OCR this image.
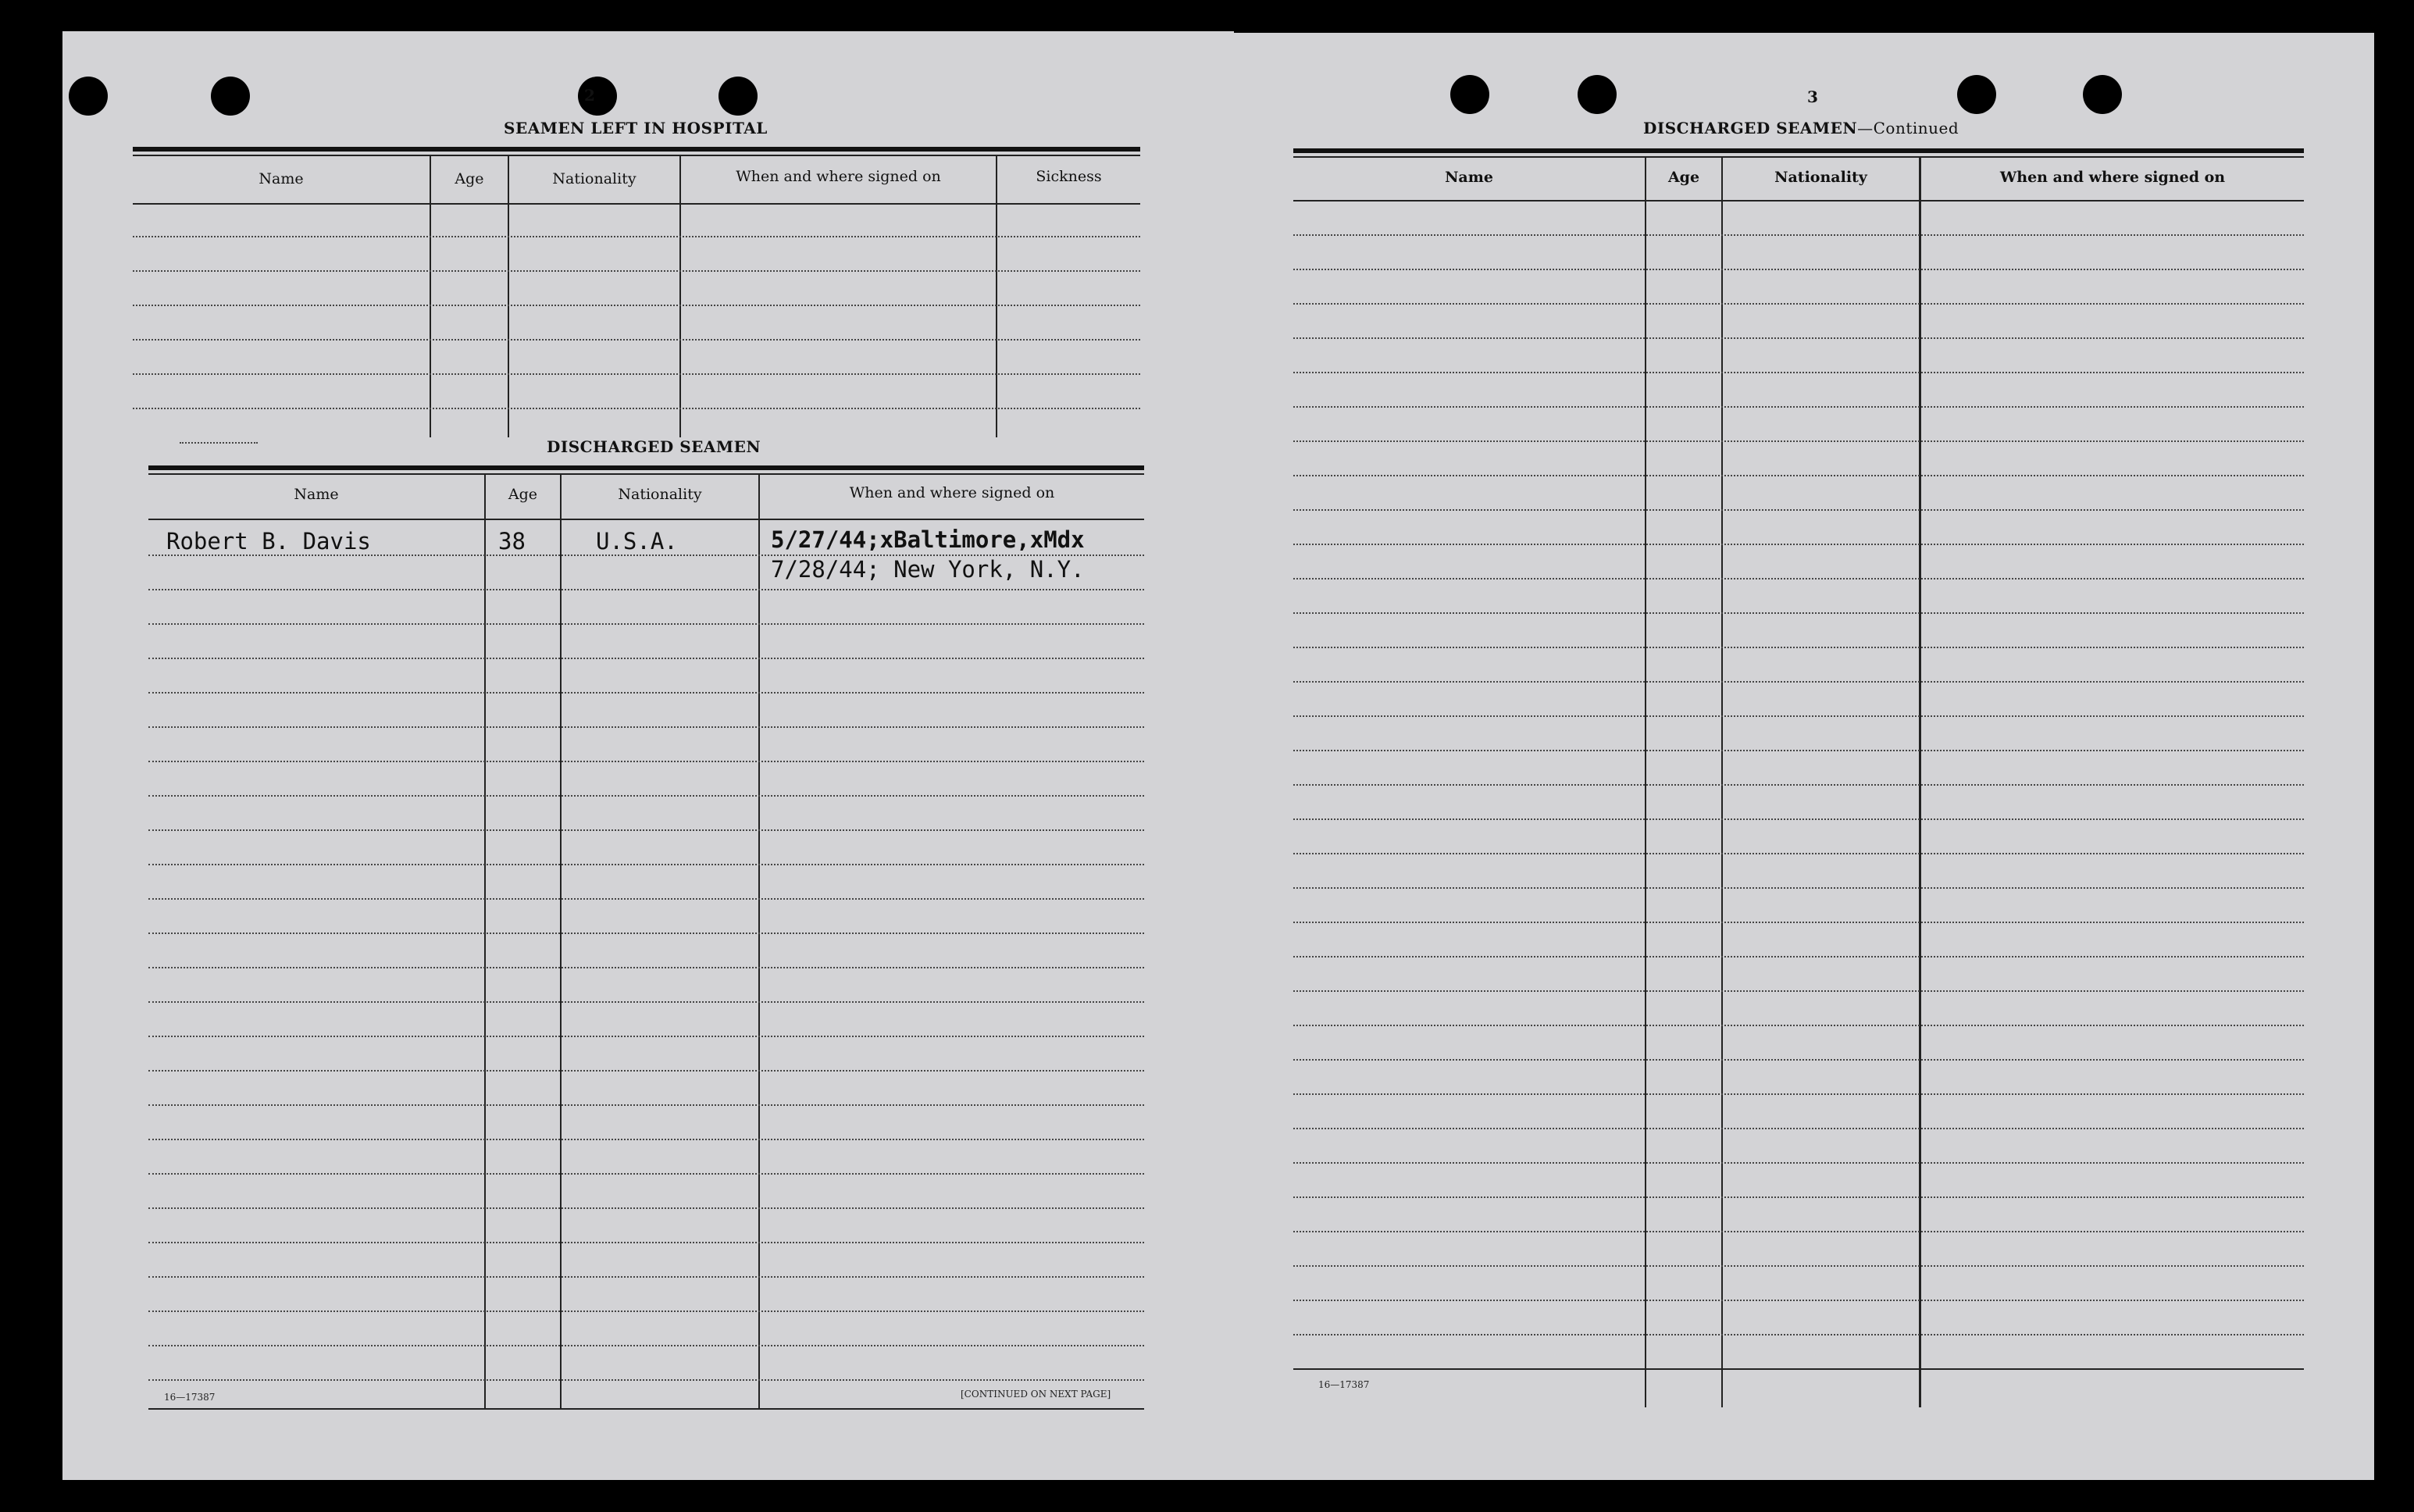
2
SEAMEN LEFT IN HOSPITAL
Name	Age	Nationality	When and where signed on	Sickness
DISCHARGED SEAMEN
Name	Age	Nationality	When and where signed on
Robert B. Davis	38	U.S.A.	5/27/44;xBaltimore,xMdx
7/28/44; New York, N.Y.
16—17387	[CONTINUED ON NEXT PAGE]
3
DISCHARGED SEAMEN—Continued
Name	Age	Nationality	When and where signed on
16—17387
